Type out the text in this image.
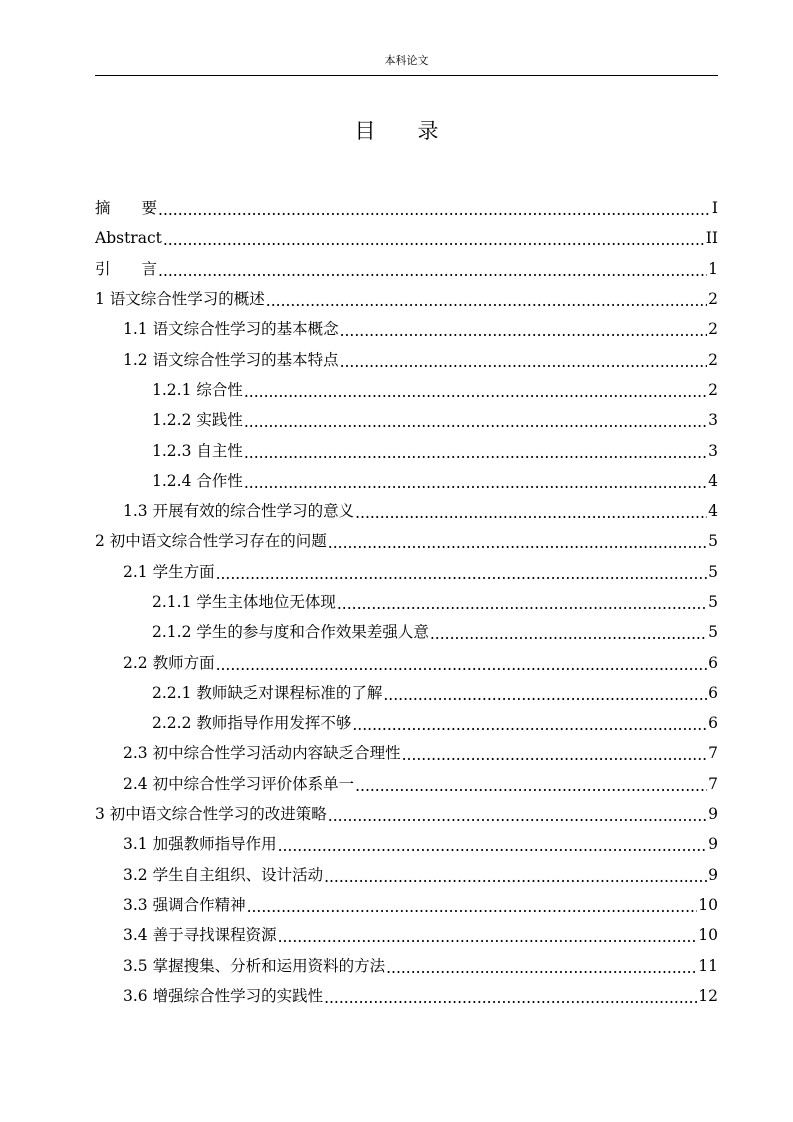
本科论文
目　　录
摘　　要 .....	I
Abstract .....	II
引　　言 .....	1
1 语文综合性学习的概述 .....	2
1.1 语文综合性学习的基本概念 .....	2
1.2 语文综合性学习的基本特点 .....	2
1.2.1 综合性 .....	2
1.2.2 实践性 .....	3
1.2.3 自主性 .....	3
1.2.4 合作性 .....	4
1.3 开展有效的综合性学习的意义 .....	4
2 初中语文综合性学习存在的问题 .....	5
2.1 学生方面 .....	5
2.1.1 学生主体地位无体现 .....	5
2.1.2 学生的参与度和合作效果差强人意 .....	5
2.2 教师方面 .....	6
2.2.1 教师缺乏对课程标准的了解 .....	6
2.2.2 教师指导作用发挥不够 .....	6
2.3 初中综合性学习活动内容缺乏合理性 .....	7
2.4 初中综合性学习评价体系单一 .....	7
3 初中语文综合性学习的改进策略 .....	9
3.1 加强教师指导作用 .....	9
3.2 学生自主组织、设计活动 .....	9
3.3 强调合作精神 .....	10
3.4 善于寻找课程资源 .....	10
3.5 掌握搜集、分析和运用资料的方法 .....	11
3.6 增强综合性学习的实践性 .....	12
